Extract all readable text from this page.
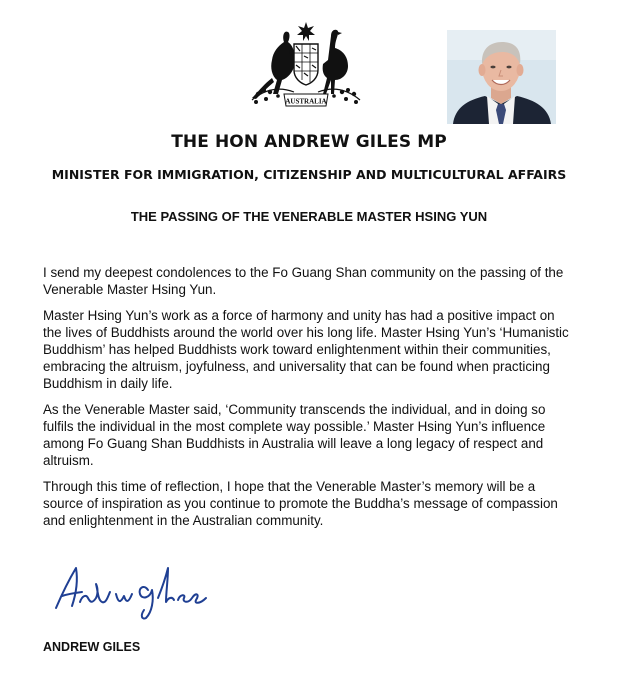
AUSTRALIA
THE HON ANDREW GILES MP
MINISTER FOR IMMIGRATION, CITIZENSHIP AND MULTICULTURAL AFFAIRS
THE PASSING OF THE VENERABLE MASTER HSING YUN

I send my deepest condolences to the Fo Guang Shan community on the passing of the Venerable Master Hsing Yun.

Master Hsing Yun’s work as a force of harmony and unity has had a positive impact on the lives of Buddhists around the world over his long life. Master Hsing Yun’s ‘Humanistic Buddhism’ has helped Buddhists work toward enlightenment within their communities, embracing the altruism, joyfulness, and universality that can be found when practicing Buddhism in daily life.

As the Venerable Master said, ‘Community transcends the individual, and in doing so fulfils the individual in the most complete way possible.’ Master Hsing Yun’s influence among Fo Guang Shan Buddhists in Australia will leave a long legacy of respect and altruism.

Through this time of reflection, I hope that the Venerable Master’s memory will be a source of inspiration as you continue to promote the Buddha’s message of compassion and enlightenment in the Australian community.

ANDREW GILES
